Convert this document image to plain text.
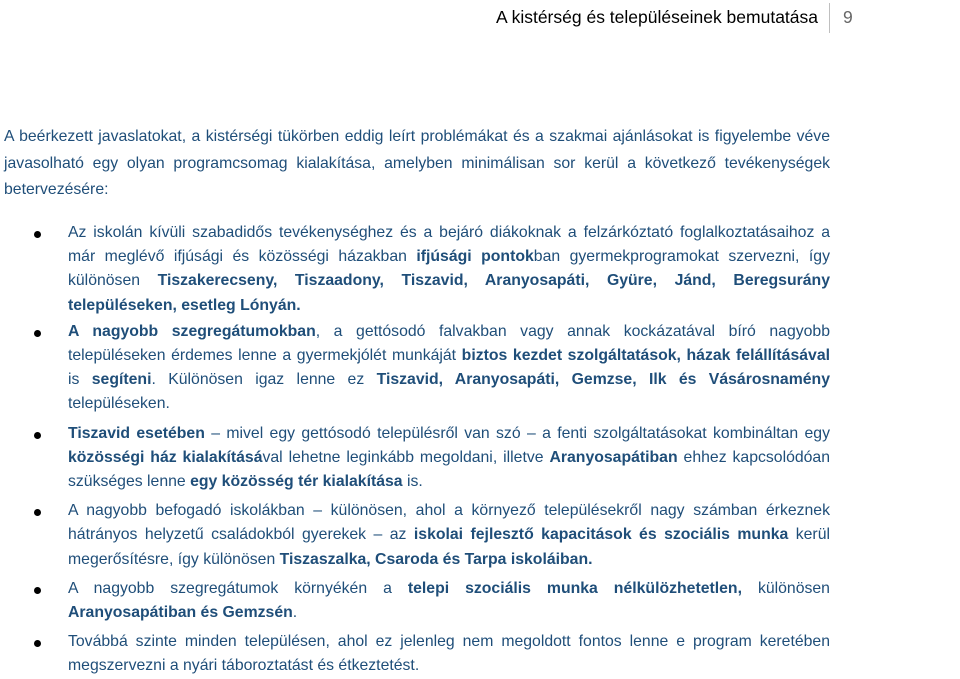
A kistérség és településeinek bemutatása 9

A beérkezett javaslatokat, a kistérségi tükörben eddig leírt problémákat és a szakmai ajánlásokat is figyelembe véve javasolható egy olyan programcsomag kialakítása, amelyben minimálisan sor kerül a következő tevékenységek betervezésére:

Az iskolán kívüli szabadidős tevékenységhez és a bejáró diákoknak a felzárkóztató foglalkoztatásaihoz a már meglévő ifjúsági és közösségi házakban ifjúsági pontokban gyermekprogramokat szervezni, így különösen Tiszakerecseny, Tiszaadony, Tiszavid, Aranyosapáti, Gyüre, Jánd, Beregsurány településeken, esetleg Lónyán.
A nagyobb szegregátumokban, a gettósodó falvakban vagy annak kockázatával bíró nagyobb településeken érdemes lenne a gyermekjólét munkáját biztos kezdet szolgáltatások, házak felállításával is segíteni. Különösen igaz lenne ez Tiszavid, Aranyosapáti, Gemzse, Ilk és Vásárosnamény településeken.
Tiszavid esetében – mivel egy gettósodó településről van szó – a fenti szolgáltatásokat kombináltan egy közösségi ház kialakításával lehetne leginkább megoldani, illetve Aranyosapátiban ehhez kapcsolódóan szükséges lenne egy közösség tér kialakítása is.
A nagyobb befogadó iskolákban – különösen, ahol a környező településekről nagy számban érkeznek hátrányos helyzetű családokból gyerekek – az iskolai fejlesztő kapacitások és szociális munka kerül megerősítésre, így különösen Tiszaszalka, Csaroda és Tarpa iskoláiban.
A nagyobb szegregátumok környékén a telepi szociális munka nélkülözhetetlen, különösen Aranyosapátiban és Gemzsén.
Továbbá szinte minden településen, ahol ez jelenleg nem megoldott fontos lenne e program keretében megszervezni a nyári táboroztatást és étkeztetést.
